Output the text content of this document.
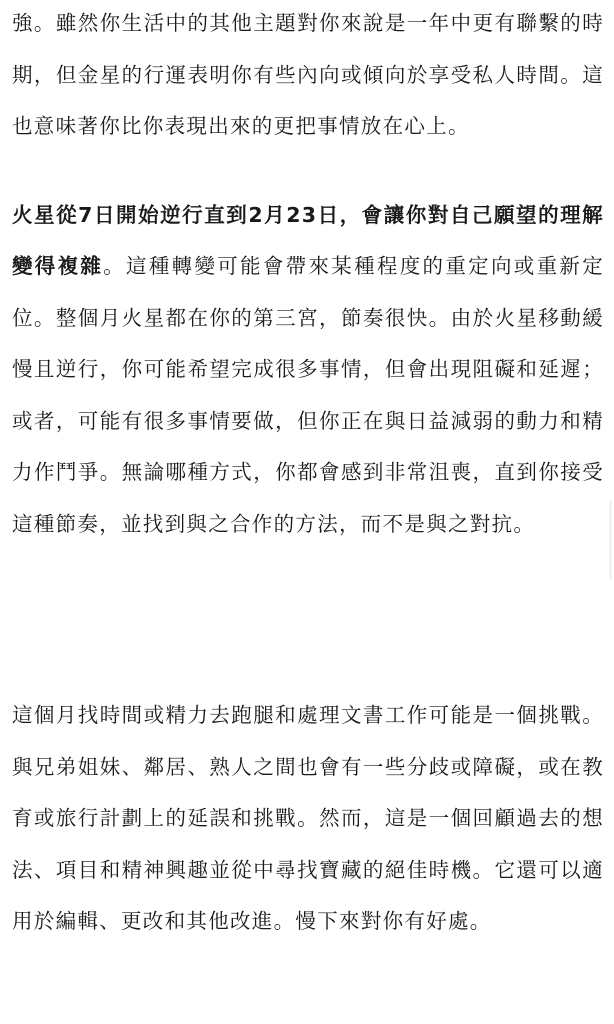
強。雖然你生活中的其他主題對你來說是一年中更有聯繫的時期，但金星的行運表明你有些內向或傾向於享受私人時間。這也意味著你比你表現出來的更把事情放在心上。

火星從7日開始逆行直到2月23日，會讓你對自己願望的理解變得複雜。這種轉變可能會帶來某種程度的重定向或重新定位。整個月火星都在你的第三宮，節奏很快。由於火星移動緩慢且逆行，你可能希望完成很多事情，但會出現阻礙和延遲；或者，可能有很多事情要做，但你正在與日益減弱的動力和精力作鬥爭。無論哪種方式，你都會感到非常沮喪，直到你接受這種節奏，並找到與之合作的方法，而不是與之對抗。

這個月找時間或精力去跑腿和處理文書工作可能是一個挑戰。與兄弟姐妹、鄰居、熟人之間也會有一些分歧或障礙，或在教育或旅行計劃上的延誤和挑戰。然而，這是一個回顧過去的想法、項目和精神興趣並從中尋找寶藏的絕佳時機。它還可以適用於編輯、更改和其他改進。慢下來對你有好處。
